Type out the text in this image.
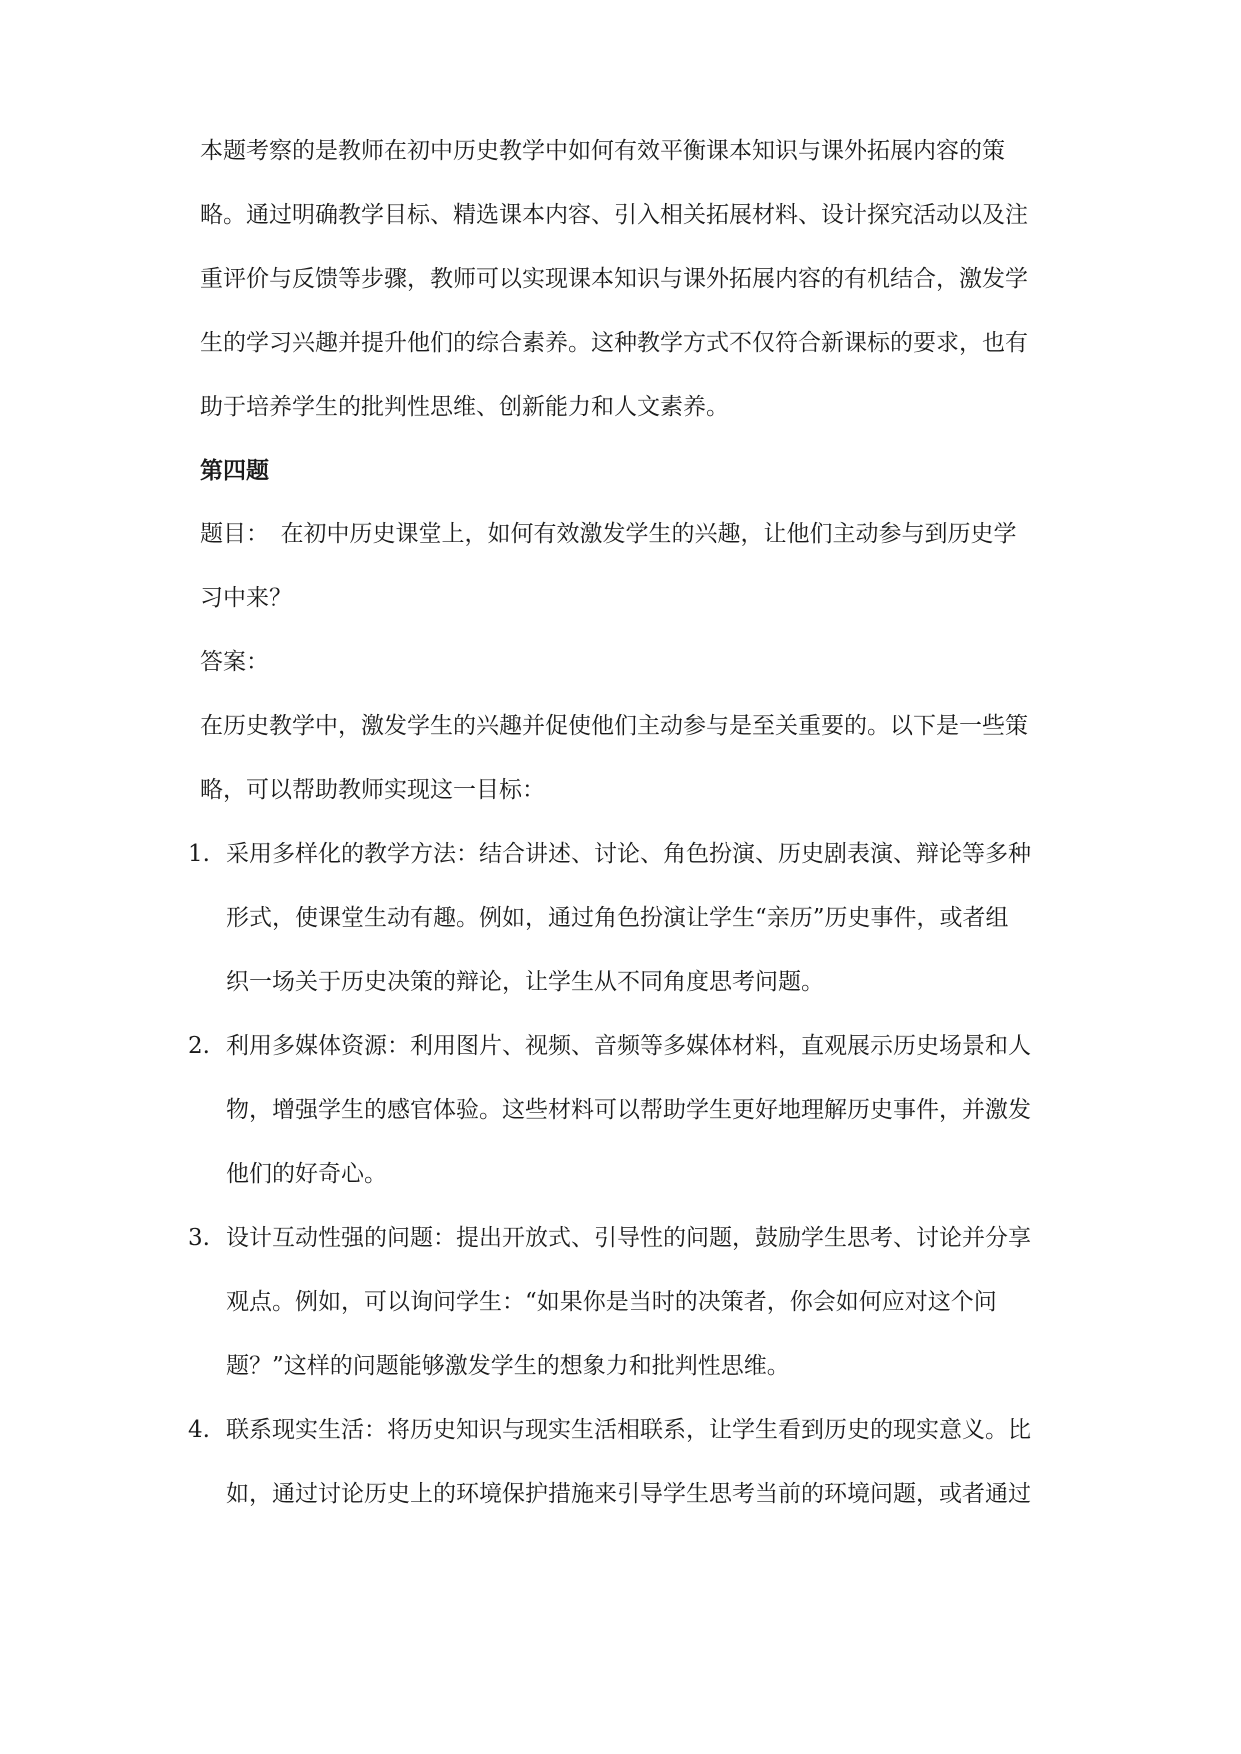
本题考察的是教师在初中历史教学中如何有效平衡课本知识与课外拓展内容的策
略。通过明确教学目标、精选课本内容、引入相关拓展材料、设计探究活动以及注
重评价与反馈等步骤，教师可以实现课本知识与课外拓展内容的有机结合，激发学
生的学习兴趣并提升他们的综合素养。这种教学方式不仅符合新课标的要求，也有
助于培养学生的批判性思维、创新能力和人文素养。
第四题
题目：　在初中历史课堂上，如何有效激发学生的兴趣，让他们主动参与到历史学
习中来？
答案：
在历史教学中，激发学生的兴趣并促使他们主动参与是至关重要的。以下是一些策
略，可以帮助教师实现这一目标：
1. 采用多样化的教学方法：结合讲述、讨论、角色扮演、历史剧表演、辩论等多种
形式，使课堂生动有趣。例如，通过角色扮演让学生“亲历”历史事件，或者组
织一场关于历史决策的辩论，让学生从不同角度思考问题。
2. 利用多媒体资源：利用图片、视频、音频等多媒体材料，直观展示历史场景和人
物，增强学生的感官体验。这些材料可以帮助学生更好地理解历史事件，并激发
他们的好奇心。
3. 设计互动性强的问题：提出开放式、引导性的问题，鼓励学生思考、讨论并分享
观点。例如，可以询问学生：“如果你是当时的决策者，你会如何应对这个问
题？”这样的问题能够激发学生的想象力和批判性思维。
4. 联系现实生活：将历史知识与现实生活相联系，让学生看到历史的现实意义。比
如，通过讨论历史上的环境保护措施来引导学生思考当前的环境问题，或者通过
